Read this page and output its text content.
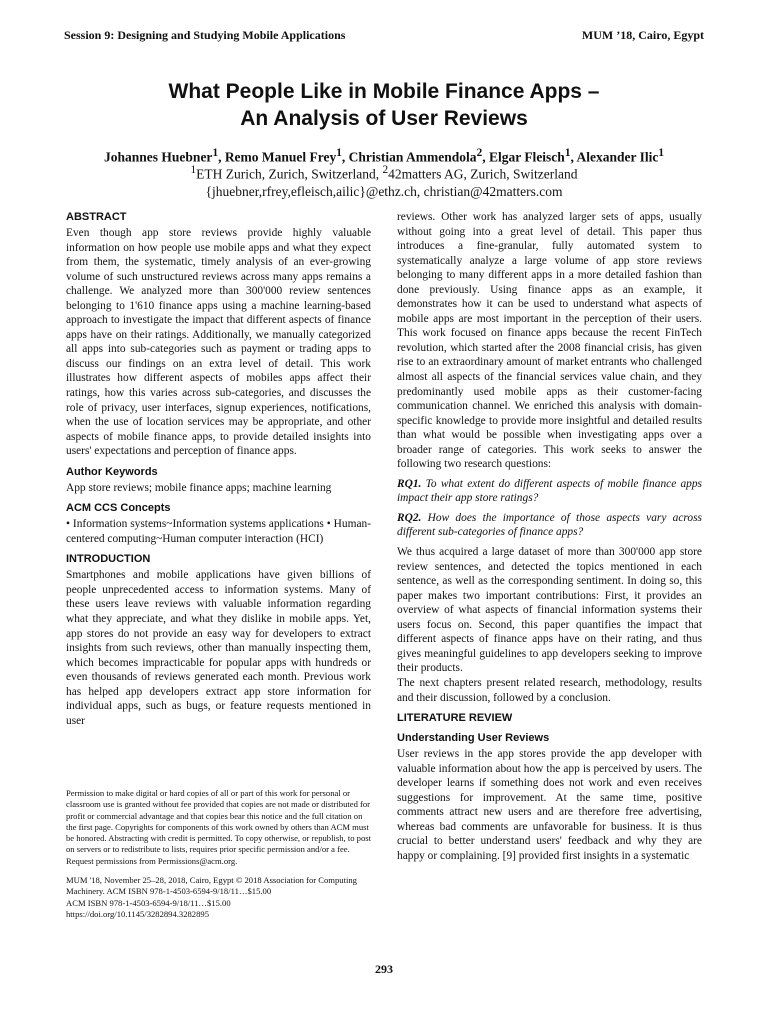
Session 9: Designing and Studying Mobile Applications	MUM ’18, Cairo, Egypt
What People Like in Mobile Finance Apps –
An Analysis of User Reviews
Johannes Huebner$^1$, Remo Manuel Frey$^1$, Christian Ammendola$^2$, Elgar Fleisch$^1$, Alexander Ilic$^1$
$^1$ETH Zurich, Zurich, Switzerland, $^2$42matters AG, Zurich, Switzerland
{jhuebner,rfrey,efleisch,ailic}@ethz.ch, christian@42matters.com
ABSTRACT

Even though app store reviews provide highly valuable information on how people use mobile apps and what they expect from them, the systematic, timely analysis of an ever-growing volume of such unstructured reviews across many apps remains a challenge. We analyzed more than 300'000 review sentences belonging to 1'610 finance apps using a machine learning-based approach to investigate the impact that different aspects of finance apps have on their ratings. Additionally, we manually categorized all apps into sub-categories such as payment or trading apps to discuss our findings on an extra level of detail. This work illustrates how different aspects of mobiles apps affect their ratings, how this varies across sub-categories, and discusses the role of privacy, user interfaces, signup experiences, notifications, when the use of location services may be appropriate, and other aspects of mobile finance apps, to provide detailed insights into users' expectations and perception of finance apps.

Author Keywords

App store reviews; mobile finance apps; machine learning

ACM CCS Concepts

• Information systems~Information systems applications • Human-centered computing~Human computer interaction (HCI)

INTRODUCTION

Smartphones and mobile applications have given billions of people unprecedented access to information systems. Many of these users leave reviews with valuable information regarding what they appreciate, and what they dislike in mobile apps. Yet, app stores do not provide an easy way for developers to extract insights from such reviews, other than manually inspecting them, which becomes impracticable for popular apps with hundreds or even thousands of reviews generated each month. Previous work has helped app developers extract app store information for individual apps, such as bugs, or feature requests mentioned in user

Permission to make digital or hard copies of all or part of this work for personal or classroom use is granted without fee provided that copies are not made or distributed for profit or commercial advantage and that copies bear this notice and the full citation on the first page. Copyrights for components of this work owned by others than ACM must be honored. Abstracting with credit is permitted. To copy otherwise, or republish, to post on servers or to redistribute to lists, requires prior specific permission and/or a fee. Request permissions from Permissions@acm.org.

MUM '18, November 25–28, 2018, Cairo, Egypt © 2018 Association for Computing Machinery. ACM ISBN 978-1-4503-6594-9/18/11…$15.00

ACM ISBN 978-1-4503-6594-9/18/11…$15.00

https://doi.org/10.1145/3282894.3282895

reviews. Other work has analyzed larger sets of apps, usually without going into a great level of detail. This paper thus introduces a fine-granular, fully automated system to systematically analyze a large volume of app store reviews belonging to many different apps in a more detailed fashion than done previously. Using finance apps as an example, it demonstrates how it can be used to understand what aspects of mobile apps are most important in the perception of their users. This work focused on finance apps because the recent FinTech revolution, which started after the 2008 financial crisis, has given rise to an extraordinary amount of market entrants who challenged almost all aspects of the financial services value chain, and they predominantly used mobile apps as their customer-facing communication channel. We enriched this analysis with domain-specific knowledge to provide more insightful and detailed results than what would be possible when investigating apps over a broader range of categories. This work seeks to answer the following two research questions:

RQ1. To what extent do different aspects of mobile finance apps impact their app store ratings?

RQ2. How does the importance of those aspects vary across different sub-categories of finance apps?

We thus acquired a large dataset of more than 300'000 app store review sentences, and detected the topics mentioned in each sentence, as well as the corresponding sentiment. In doing so, this paper makes two important contributions: First, it provides an overview of what aspects of financial information systems their users focus on. Second, this paper quantifies the impact that different aspects of finance apps have on their rating, and thus gives meaningful guidelines to app developers seeking to improve their products.

The next chapters present related research, methodology, results and their discussion, followed by a conclusion.

LITERATURE REVIEW
Understanding User Reviews

User reviews in the app stores provide the app developer with valuable information about how the app is perceived by users. The developer learns if something does not work and even receives suggestions for improvement. At the same time, positive comments attract new users and are therefore free advertising, whereas bad comments are unfavorable for business. It is thus crucial to better understand users' feedback and why they are happy or complaining. [9] provided first insights in a systematic

293
